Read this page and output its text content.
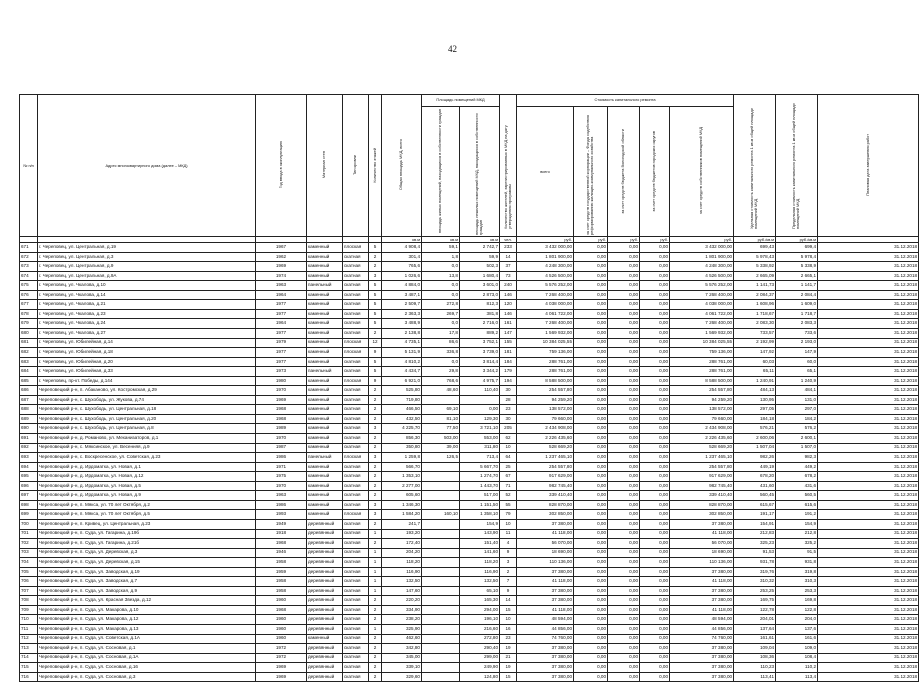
42
№ п/п	Адрес многоквартирного дома (далее – МКД)	Год ввода в эксплуатацию	Материал стен	Тип кровли	Количество этажей	Общая площадь МКД, всего	Площадь помещений МКД		Количество жителей, зарегистрированных в МКД на дату утверждения программы	Стоимость капитального ремонта					Удельная стоимость капитального ремонта 1 кв.м общей площади помещений МКД	Предельная стоимость капитального ремонта 1 кв.м общей площади помещений МКД	Плановая дата завершения работ
							площадь жилых помещений, находящихся в собственности граждан	площадь нежилых помещений МКД, находящихся в собственности граждан		всего	за счет средств государственной корпорации – Фонда содействия реформированию жилищно-коммунального хозяйства	за счет средств бюджета Вологодской области	за счет средств бюджетов городских округов	за счет средств собственников помещений МКД			
						кв.м	кв.м	кв.м	чел.	руб.	руб.	руб.	руб.	руб.	руб./кв.м	руб./кв.м	
671	г. Череповец, ул. Центральная, д.19	1967	каменный	плоская	5	4 908,4	59,1	2 742,7	233	3 432 000,00	0,00	0,00	0,00	3 432 000,00	699,43	699,4	31.12.2018
672	г. Череповец, ул. Центральная, д.3	1962	каменный	скатная	2	301,4	1,8	59,9	14	1 801 900,00	0,00	0,00	0,00	1 801 900,00	5 978,43	5 978,4	31.12.2018
673	г. Череповец, ул. Центральная, д.9	1969	каменный	скатная	2	765,6	0,0	502,3	37	4 248 300,00	0,00	0,00	0,00	4 248 300,00	5 338,92	5 338,9	31.12.2018
674	г. Череповец, ул. Центральная, д.9А	1974	каменный	скатная	3	1 026,6	13,8	1 680,4	73	4 526 500,00	0,00	0,00	0,00	4 526 500,00	2 665,09	2 665,1	31.12.2018
675	г. Череповец, ул. Чкалова, д.10	1963	панельный	скатная	5	4 884,0	0,0	3 601,0	240	5 576 252,00	0,00	0,00	0,00	5 576 252,00	1 141,73	1 141,7	31.12.2018
676	г. Череповец, ул. Чкалова, д.14	1964	каменный	скатная	5	3 487,1	0,0	2 873,0	146	7 268 400,00	0,00	0,00	0,00	7 268 400,00	2 084,37	2 084,4	31.12.2018
677	г. Череповец, ул. Чкалова, д.21	1977	каменный	скатная	5	2 509,7	272,8	812,3	120	4 038 000,00	0,00	0,00	0,00	4 038 000,00	1 608,96	1 609,0	31.12.2018
678	г. Череповец, ул. Чкалова, д.23	1977	каменный	скатная	5	2 363,3	269,7	381,8	146	4 061 722,00	0,00	0,00	0,00	4 061 722,00	1 718,67	1 718,7	31.12.2018
679	г. Череповец, ул. Чкалова, д.24	1964	каменный	скатная	5	3 488,9	0,0	2 716,0	161	7 268 400,00	0,00	0,00	0,00	7 268 400,00	2 083,30	2 083,3	31.12.2018
680	г. Череповец, ул. Чкалова, д.27	1977	каменный	скатная	2	2 138,8	17,8	889,2	147	1 569 932,00	0,00	0,00	0,00	1 569 932,00	733,57	733,6	31.12.2018
681	г. Череповец, ул. Юбилейная, д.14	1979	каменный	плоская	12	4 735,1	86,6	3 752,1	155	10 384 025,55	0,00	0,00	0,00	10 384 025,55	2 192,99	2 193,0	31.12.2018
682	г. Череповец, ул. Юбилейная, д.18	1977	каменный	плоская	9	5 131,9	336,8	3 739,0	181	759 136,00	0,00	0,00	0,00	759 136,00	147,92	147,9	31.12.2018
683	г. Череповец, ул. Юбилейная, д.20	1977	каменный	скатная	5	4 810,2	0,0	3 814,4	184	288 761,00	0,00	0,00	0,00	288 761,00	60,03	60,0	31.12.2018
684	г. Череповец, ул. Юбилейная, д.33	1973	панельный	скатная	5	4 434,7	29,8	3 344,2	179	288 761,00	0,00	0,00	0,00	288 761,00	65,11	65,1	31.12.2018
685	г. Череповец, пр-кт. Победы, д.144	1980	каменный	плоская	9	6 921,0	768,6	4 975,7	194	8 588 500,00	0,00	0,00	0,00	8 588 500,00	1 240,91	1 240,9	31.12.2018
686	Череповецкий р-н, п. Абакановo, ул. Костромская, д.29	1970	каменный	скатная	2	525,80	48,60	110,40	30	254 557,80	0,00	0,00	0,00	254 557,80	484,13	484,1	31.12.2018
687	Череповецкий р-н, с. Шухободь, ул. Жукова, д.74	1969	каменный	скатная	2	719,80			28	94 259,20	0,00	0,00	0,00	94 259,20	130,95	131,0	31.12.2018
688	Череповецкий р-н, с. Шухободь, ул. Центральная, д.18	1968	каменный	скатная	2	466,50	69,10	0,00	23	138 572,00	0,00	0,00	0,00	138 572,00	297,05	297,0	31.12.2018
689	Череповецкий р-н, с. Шухободь, ул. Центральная, д.20	1968	каменный	скатная	2	432,50	81,10	129,30	30	79 660,00	0,00	0,00	0,00	79 660,00	184,18	184,2	31.12.2018
690	Череповецкий р-н, с. Шухободь, ул. Центральная, д.8	1989	каменный	скатная	3	4 225,70	77,50	3 721,10	205	2 434 908,00	0,00	0,00	0,00	2 434 908,00	576,21	576,2	31.12.2018
691	Череповецкий р-н, д. Романово, ул. Механизаторов, д.1	1970	каменный	скатная	2	856,30	503,00	553,00	62	2 226 435,60	0,00	0,00	0,00	2 226 435,60	2 600,06	2 600,1	31.12.2018
692	Череповецкий р-н, с. Мяксинское, ул. Весенняя, д.9	1987	каменный	скатная	2	350,80	39,00	311,80	10	528 669,20	0,00	0,00	0,00	528 669,20	1 507,04	1 507,0	31.12.2018
693	Череповецкий р-н, с. Воскресенское, ул. Советская, д.23	1986	панельный	плоская	3	1 259,8	126,5	713,4	64	1 237 465,10	0,00	0,00	0,00	1 237 465,10	982,26	982,3	31.12.2018
694	Череповецкий р-н, д. Ирдоматка, ул. Новая, д.1	1971	каменный	скатная	2	566,70		5 667,70	25	254 557,80	0,00	0,00	0,00	254 557,80	449,19	449,2	31.12.2018
695	Череповецкий р-н, д. Ирдоматка, ул. Новая, д.12	1975	каменный	скатная	2	1 353,10		1 274,70	67	917 629,00	0,00	0,00	0,00	917 629,00	678,20	678,2	31.12.2018
696	Череповецкий р-н, д. Ирдоматка, ул. Новая, д.5	1970	каменный	скатная	2	2 277,00		1 443,70	71	982 745,40	0,00	0,00	0,00	982 745,40	431,60	431,6	31.12.2018
697	Череповецкий р-н, д. Ирдоматка, ул. Новая, д.9	1963	каменный	скатная	2	605,60		517,00	52	339 410,40	0,00	0,00	0,00	339 410,40	560,45	560,5	31.12.2018
698	Череповецкий р-н, п. Мякса, ул. 70 лет Октября, д.2	1986	каменный	скатная	3	1 346,30		1 151,50	55	828 870,00	0,00	0,00	0,00	828 870,00	615,67	615,6	31.12.2018
699	Череповецкий р-н, п. Мякса, ул. 70 лет Октября, д.5	1993	каменный	плоская	3	1 584,20	160,10	1 358,10	79	302 850,00	0,00	0,00	0,00	302 850,00	191,17	191,2	31.12.2018
700	Череповецкий р-н, п. Кривец, ул. Центральная, д.23	1949	деревянный	скатная	2	241,7		154,9	10	37 380,00	0,00	0,00	0,00	37 380,00	154,91	154,9	31.12.2018
701	Череповецкий р-н, п. Суда, ул. Гагарина, д.19б	1918	деревянный	скатная	1	193,20		143,90	11	41 118,00	0,00	0,00	0,00	41 118,00	212,83	212,8	31.12.2018
702	Череповецкий р-н, п. Суда, ул. Гагарина, д.21б	1968	деревянный	скатная	2	172,40		151,40	4	56 070,00	0,00	0,00	0,00	56 070,00	325,23	325,2	31.12.2018
703	Череповецкий р-н, п. Суда, ул. Деревская, д.3	1946	деревянный	скатная	1	204,20		141,60	9	18 690,00	0,00	0,00	0,00	18 690,00	91,53	91,5	31.12.2018
704	Череповецкий р-н, п. Суда, ул. Деревская, д.15	1958	деревянный	скатная	1	118,20		118,20	3	110 136,00	0,00	0,00	0,00	110 136,00	931,78	931,8	31.12.2018
705	Череповецкий р-н, п. Суда, ул. Заводская, д.19	1959	деревянный	скатная	1	116,90		116,90	2	37 380,00	0,00	0,00	0,00	37 380,00	319,76	319,8	31.12.2018
706	Череповецкий р-н, п. Суда, ул. Заводская, д.7	1958	деревянный	скатная	1	132,50		132,50	7	41 118,00	0,00	0,00	0,00	41 118,00	310,32	310,3	31.12.2018
707	Череповецкий р-н, п. Суда, ул. Заводская, д.9	1958	деревянный	скатная	1	147,60		65,10	9	37 380,00	0,00	0,00	0,00	37 380,00	253,25	253,3	31.12.2018
708	Череповецкий р-н, п. Суда, ул. Красная Звезда, д.12	1960	деревянный	скатная	2	220,20		165,30	14	37 380,00	0,00	0,00	0,00	37 380,00	169,75	169,8	31.12.2018
709	Череповецкий р-н, п. Суда, ул. Макарова, д.10	1968	деревянный	скатная	2	334,90		294,00	15	41 118,00	0,00	0,00	0,00	41 118,00	122,78	122,8	31.12.2018
710	Череповецкий р-н, п. Суда, ул. Макарова, д.12	1960	деревянный	скатная	2	238,20		196,10	10	48 594,00	0,00	0,00	0,00	48 594,00	204,01	204,0	31.12.2018
711	Череповецкий р-н, п. Суда, ул. Макарова, д.13	1960	деревянный	скатная	1	325,90		216,60	16	44 856,00	0,00	0,00	0,00	44 856,00	137,64	137,6	31.12.2018
712	Череповецкий р-н, п. Суда, ул. Советская, д.1А	1960	каменный	скатная	2	462,60		272,80	23	74 760,00	0,00	0,00	0,00	74 760,00	161,61	161,6	31.12.2018
713	Череповецкий р-н, п. Суда, ул. Сосновая, д.1	1972	деревянный	скатная	2	342,80		290,40	19	37 380,00	0,00	0,00	0,00	37 380,00	109,04	109,0	31.12.2018
714	Череповецкий р-н, п. Суда, ул. Сосновая, д.1А	1972	деревянный	скатная	2	345,00		299,00	21	37 380,00	0,00	0,00	0,00	37 380,00	108,36	108,4	31.12.2018
715	Череповецкий р-н, п. Суда, ул. Сосновая, д.16	1969	деревянный	скатная	2	339,10		249,90	19	37 380,00	0,00	0,00	0,00	37 380,00	110,23	110,2	31.12.2018
716	Череповецкий р-н, п. Суда, ул. Сосновая, д.3	1969	деревянный	скатная	2	329,60		124,80	15	37 380,00	0,00	0,00	0,00	37 380,00	113,41	113,4	31.12.2018
